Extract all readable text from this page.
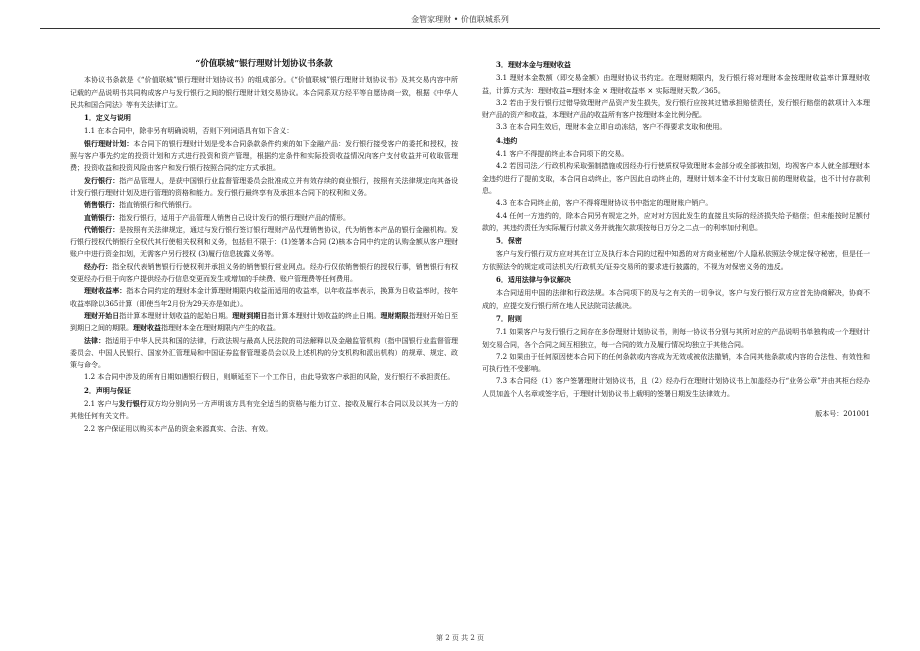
金管家理财 • 价值联城系列
“价值联城”银行理财计划协议书条款

本协议书条款是《“价值联城”银行理财计划协议书》的组成部分。《“价值联城”银行理财计划协议书》及其交易内容中所记载的产品说明书共同构成客户与发行银行之间的银行理财计划交易协议。本合同系双方经平等自愿协商一致，根据《中华人民共和国合同法》等有关法律订立。

1．定义与说明

1.1 在本合同中，除非另有明确说明，否则下列词语具有如下含义：

银行理财计划：本合同下的银行理财计划是受本合同条款条件约束的如下金融产品：发行银行接受客户的委托和授权，按照与客户事先约定的投资计划和方式进行投资和资产管理，根据约定条件和实际投资收益情况向客户支付收益并可收取管理费；投资收益和投资风险由客户和发行银行按照合同约定方式承担。

发行银行：指产品管理人，是获中国银行业监督管理委员会批准成立并有效存续的商业银行，按照有关法律规定向其备设计发行银行理财计划及进行管理的资格和能力。发行银行最终享有及承担本合同下的权利和义务。

销售银行：指直销银行和代销银行。

直销银行：指发行银行，适用于产品管理人销售自己设计发行的银行理财产品的情形。

代销银行：是按照有关法律规定，通过与发行银行签订银行理财产品代理销售协议，代为销售本产品的银行金融机构。发行银行授权代销银行全权代其行使相关权利和义务，包括但不限于：(1)签署本合同 (2)核本合同中约定的认购金额从客户理财账户中进行资金扣划，无需客户另行授权 (3)履行信息披露义务等。

经办行：指全权代表销售银行行使权利并承担义务的销售银行营业网点。经办行仅依销售银行的授权行事，销售银行有权变更经办行但于向客户提供经办行信息变更而发生或增加的手续费、账户管理费等任何费用。

理财收益率：指本合同约定的理财本金计算理财期限内收益而适用的收益率，以年收益率表示，换算为日收益率时，按年收益率除以365计算（即使当年2月份为29天亦是如此）。

理财开始日指计算本理财计划收益的起始日期。理财到期日指计算本理财计划收益的终止日期。理财期限指理财开始日至到期日之间的期限。理财收益指理财本金在理财期限内产生的收益。

法律：指适用于中华人民共和国的法律，行政法规与最高人民法院的司法解释以及金融监管机构（指中国银行业监督管理委员会、中国人民银行、国家外汇管理局和中国证券监督管理委员会以及上述机构的分支机构和派出机构）的规章、规定、政策与命令。

1.2 本合同中涉及的所有日期如遇银行假日，则顺延至下一个工作日，由此导致客户承担的风险，发行银行不承担责任。

2．声明与保证

2.1 客户与发行银行双方均分别向另一方声明该方具有完全适当的资格与能力订立、接收及履行本合同以及以其为一方的其他任何有关文件。

2.2 客户保证用以购买本产品的资金来源真实、合法、有效。

3．理财本金与理财收益

3.1 理财本金数额（即交易金额）由理财协议书约定。在理财期限内，发行银行将对理财本金按理财收益率计算理财收益，计算方式为：理财收益=理财本金 × 理财收益率 × 实际理财天数／365。

3.2 若由于发行银行过错导致理财产品资产发生损失，发行银行应按其过错承担赔偿责任，发行银行赔偿的款项计入本理财产品的资产和收益，本理财产品的收益所有客户按理财本金比例分配。

3.3 在本合同生效后，理财本金立即自动冻结，客户不得要求支取和使用。

4.违约

4.1 客户不得提前终止本合同项下的交易。

4.2 若因司法／行政机构采取强制措施或因经办行行使质权导致理财本金部分或全部被扣划，均视客户本人就全部理财本金违约进行了提前支取，本合同自动终止，客户因此自动终止的，理财计划本金不计付支取日前的理财收益，也不计付存款利息。

4.3 在本合同终止前，客户不得将理财协议书中指定的理财账户销户。

4.4 任何一方违约的，除本合同另有规定之外，应对对方因此发生的直接且实际的经济损失给予赔偿；但未能按时足额付款的，其违约责任为实际履行付款义务并就拖欠款项按每日万分之二点一的利率加付利息。

5．保密

客户与发行银行双方应对其在订立及执行本合同的过程中知悉的对方商业秘密/个人隐私依照法令规定保守秘密，但是任一方依照法令的规定或司法机关/行政机关/证券交易所的要求进行披露的，不视为对保密义务的违反。

6．适用法律与争议解决

本合同适用中国的法律和行政法规。本合同项下的及与之有关的一切争议，客户与发行银行双方应首先协商解决，协商不成的，应提交发行银行所在地人民法院司法裁决。

7．附则

7.1 如果客户与发行银行之间存在多份理财计划协议书，则每一协议书分别与其所对应的产品说明书单独构成一个理财计划交易合同，各个合同之间互相独立，每一合同的效力及履行情况均独立于其他合同。

7.2 如果由于任何原因使本合同下的任何条款或内容成为无效或被依法撤销，本合同其他条款或内容的合法性、有效性和可执行性不受影响。

7.3 本合同经（1）客户签署理财计划协议书，且（2）经办行在理财计划协议书上加盖经办行“业务公章”并由其柜台经办人员加盖个人名章或签字后，于理财计划协议书上载明的签署日期发生法律效力。

版本号：201001
第 2 页 共 2 页
